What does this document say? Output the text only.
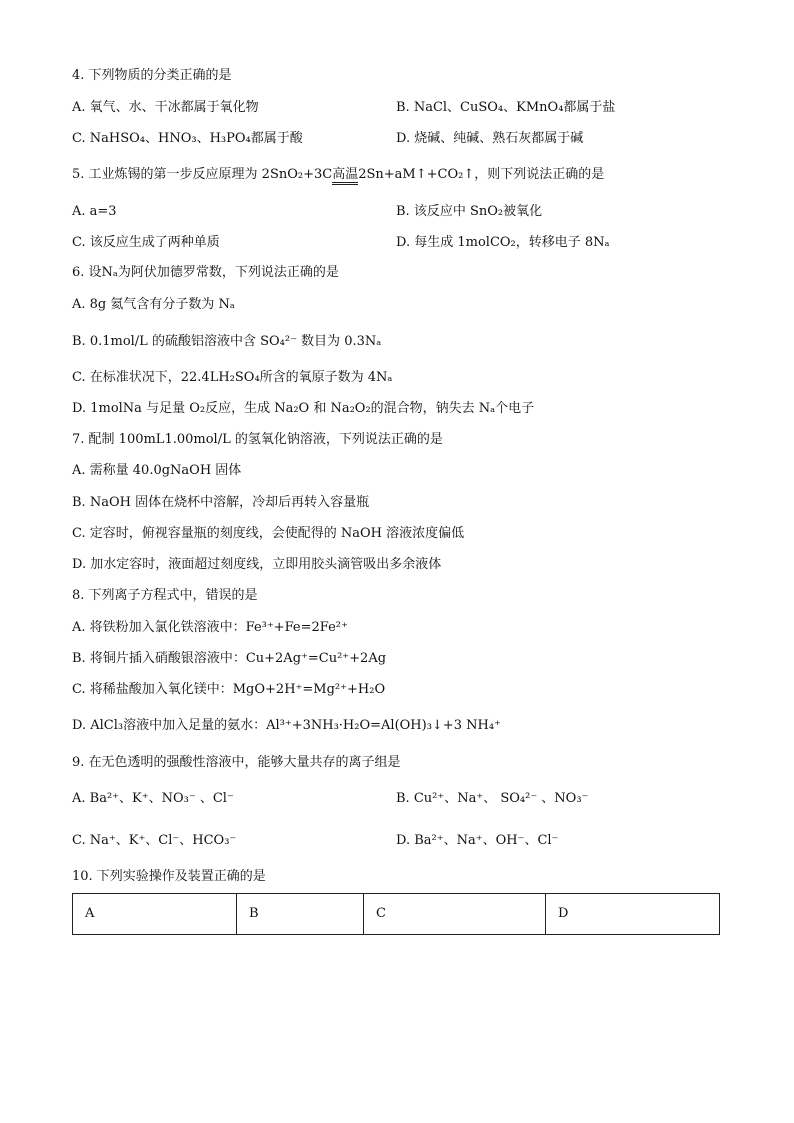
4. 下列物质的分类正确的是
A. 氧气、水、干冰都属于氧化物	B. NaCl、CuSO₄、KMnO₄都属于盐
C. NaHSO₄、HNO₃、H₃PO₄都属于酸	D. 烧碱、纯碱、熟石灰都属于碱
5. 工业炼锡的第一步反应原理为 2SnO₂+3C高温2Sn+aM↑+CO₂↑，则下列说法正确的是
A. a=3	B. 该反应中 SnO₂被氧化
C. 该反应生成了两种单质	D. 每生成 1molCO₂，转移电子 8Nₐ
6. 设Nₐ为阿伏加德罗常数，下列说法正确的是
A. 8g 氦气含有分子数为 Nₐ
B. 0.1mol/L 的硫酸铝溶液中含 SO₄²⁻ 数目为 0.3Nₐ
C. 在标准状况下，22.4LH₂SO₄所含的氧原子数为 4Nₐ
D. 1molNa 与足量 O₂反应，生成 Na₂O 和 Na₂O₂的混合物，钠失去 Nₐ个电子
7. 配制 100mL1.00mol/L 的氢氧化钠溶液，下列说法正确的是
A. 需称量 40.0gNaOH 固体
B. NaOH 固体在烧杯中溶解，冷却后再转入容量瓶
C. 定容时，俯视容量瓶的刻度线，会使配得的 NaOH 溶液浓度偏低
D. 加水定容时，液面超过刻度线，立即用胶头滴管吸出多余液体
8. 下列离子方程式中，错误的是
A. 将铁粉加入氯化铁溶液中：Fe³⁺+Fe=2Fe²⁺
B. 将铜片插入硝酸银溶液中：Cu+2Ag⁺=Cu²⁺+2Ag
C. 将稀盐酸加入氧化镁中：MgO+2H⁺=Mg²⁺+H₂O
D. AlCl₃溶液中加入足量的氨水：Al³⁺+3NH₃·H₂O=Al(OH)₃↓+3 NH₄⁺
9. 在无色透明的强酸性溶液中，能够大量共存的离子组是
A. Ba²⁺、K⁺、NO₃⁻ 、Cl⁻	B. Cu²⁺、Na⁺、 SO₄²⁻ 、NO₃⁻
C. Na⁺、K⁺、Cl⁻、HCO₃⁻	D. Ba²⁺、Na⁺、OH⁻、Cl⁻
10. 下列实验操作及装置正确的是
A	B	C	D
